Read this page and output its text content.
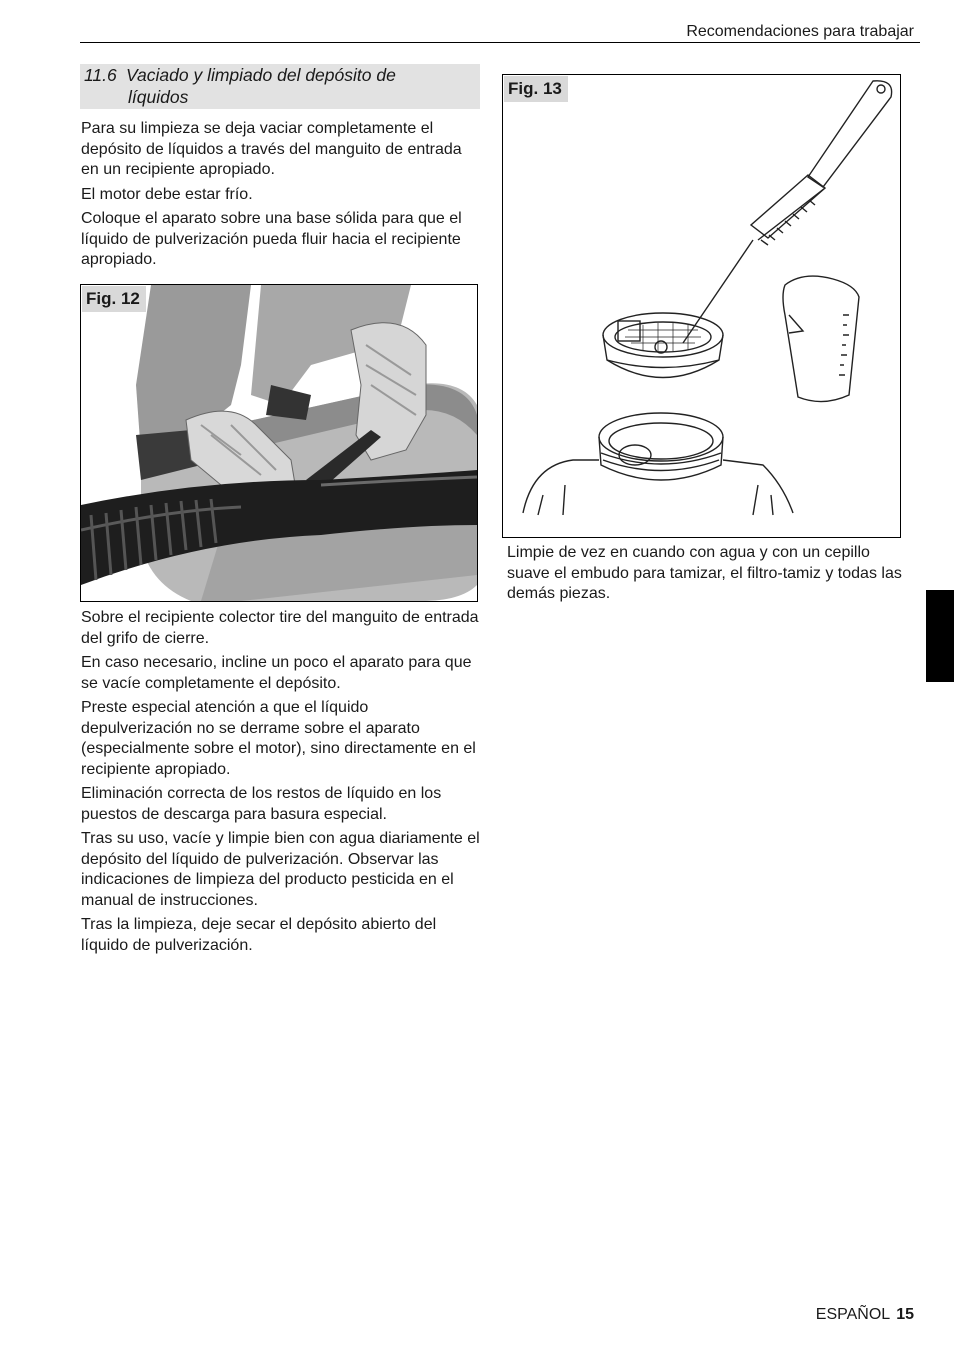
Recomendaciones para trabajar
11.6 Vaciado y limpiado del depósito de
líquidos

Para su limpieza se deja vaciar completamente el depósito de líquidos a través del manguito de entrada en un recipiente apropiado.

El motor debe estar frío.

Coloque el aparato sobre una base sólida para que el líquido de pulverización pueda fluir hacia el recipiente apropiado.

Fig. 12

Sobre el recipiente colector tire del manguito de entrada del grifo de cierre.

En caso necesario, incline un poco el aparato para que se vacíe completamente el depósito.

Preste especial atención a que el líquido depulverización no se derrame sobre el aparato (especialmente sobre el motor), sino directamente en el recipiente apropiado.

Eliminación correcta de los restos de líquido en los puestos de descarga para basura especial.

Tras su uso, vacíe y limpie bien con agua diariamente el depósito del líquido de pulverización. Observar las indicaciones de limpieza del producto pesticida en el manual de instrucciones.

Tras la limpieza, deje secar el depósito abierto del líquido de pulverización.

Fig. 13

Limpie de vez en cuando con agua y con un cepillo suave el embudo para tamizar, el filtro-tamiz y todas las demás piezas.

ESPAÑOL 15
